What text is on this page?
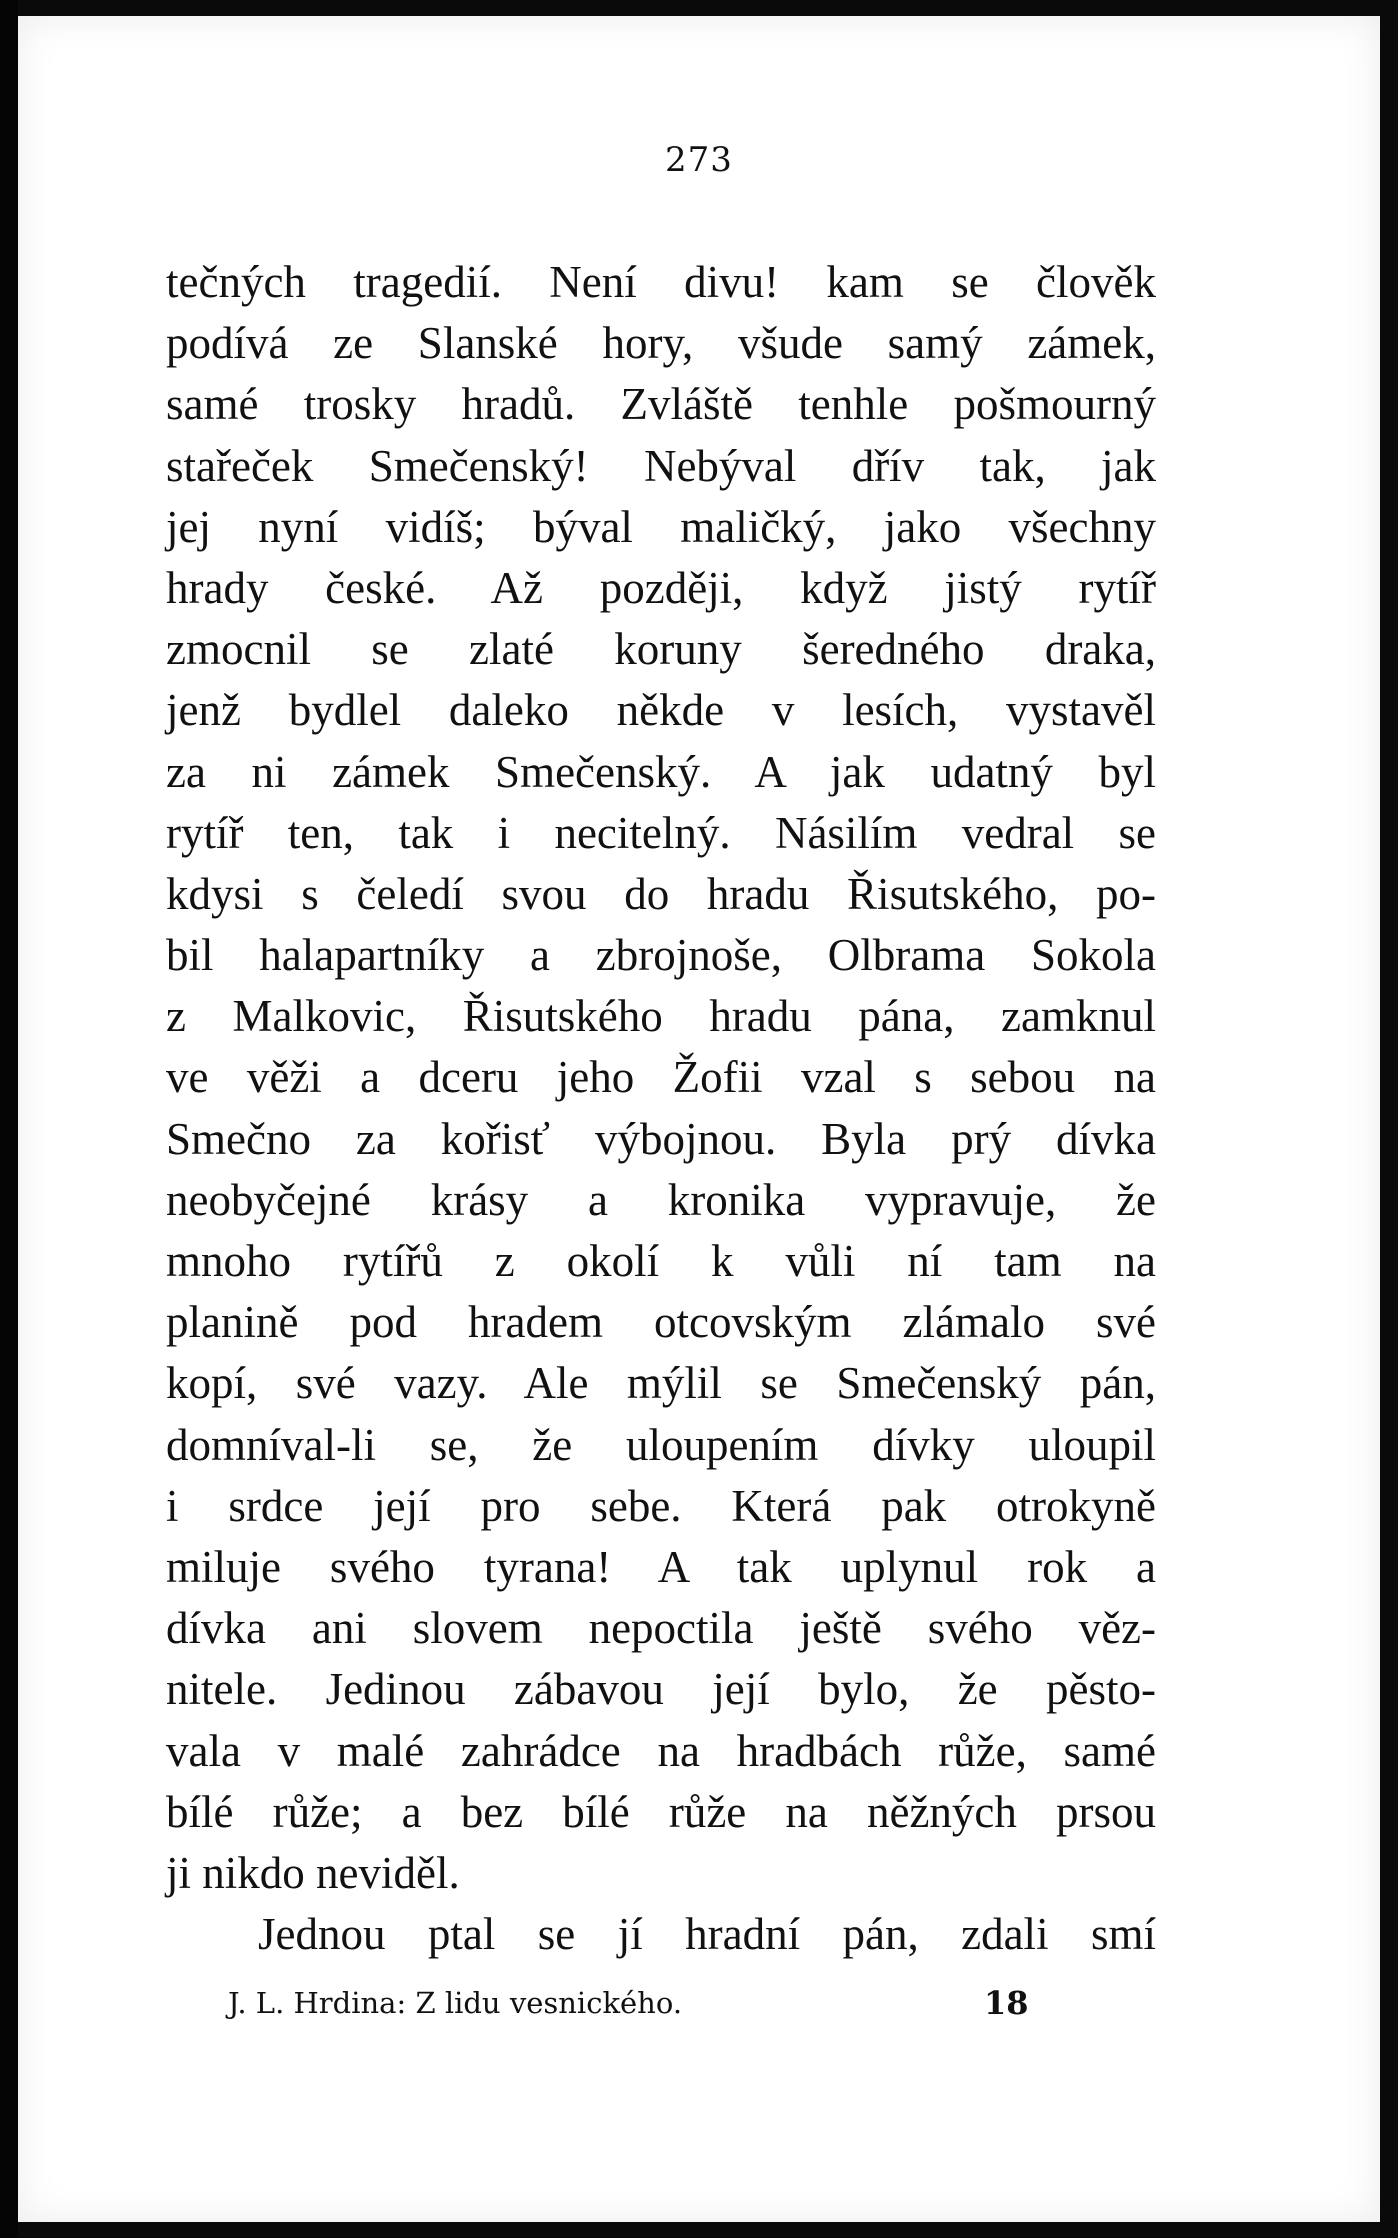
273
tečných tragedií. Není divu! kam se člověk
podívá ze Slanské hory, všude samý zámek,
samé trosky hradů. Zvláště tenhle pošmourný
stařeček Smečenský! Nebýval dřív tak, jak
jej nyní vidíš; býval maličký, jako všechny
hrady české. Až později, když jistý rytíř
zmocnil se zlaté koruny šeredného draka,
jenž bydlel daleko někde v lesích, vystavěl
za ni zámek Smečenský. A jak udatný byl
rytíř ten, tak i necitelný. Násilím vedral se
kdysi s čeledí svou do hradu Řisutského, po-
bil halapartníky a zbrojnoše, Olbrama Sokola
z Malkovic, Řisutského hradu pána, zamknul
ve věži a dceru jeho Žofii vzal s sebou na
Smečno za kořisť výbojnou. Byla prý dívka
neobyčejné krásy a kronika vypravuje, že
mnoho rytířů z okolí k vůli ní tam na
planině pod hradem otcovským zlámalo své
kopí, své vazy. Ale mýlil se Smečenský pán,
domníval-li se, že uloupením dívky uloupil
i srdce její pro sebe. Která pak otrokyně
miluje svého tyrana! A tak uplynul rok a
dívka ani slovem nepoctila ještě svého věz-
nitele. Jedinou zábavou její bylo, že pěsto-
vala v malé zahrádce na hradbách růže, samé
bílé růže; a bez bílé růže na něžných prsou
ji nikdo neviděl.
Jednou ptal se jí hradní pán, zdali smí
J. L. Hrdina: Z lidu vesnického.	18
